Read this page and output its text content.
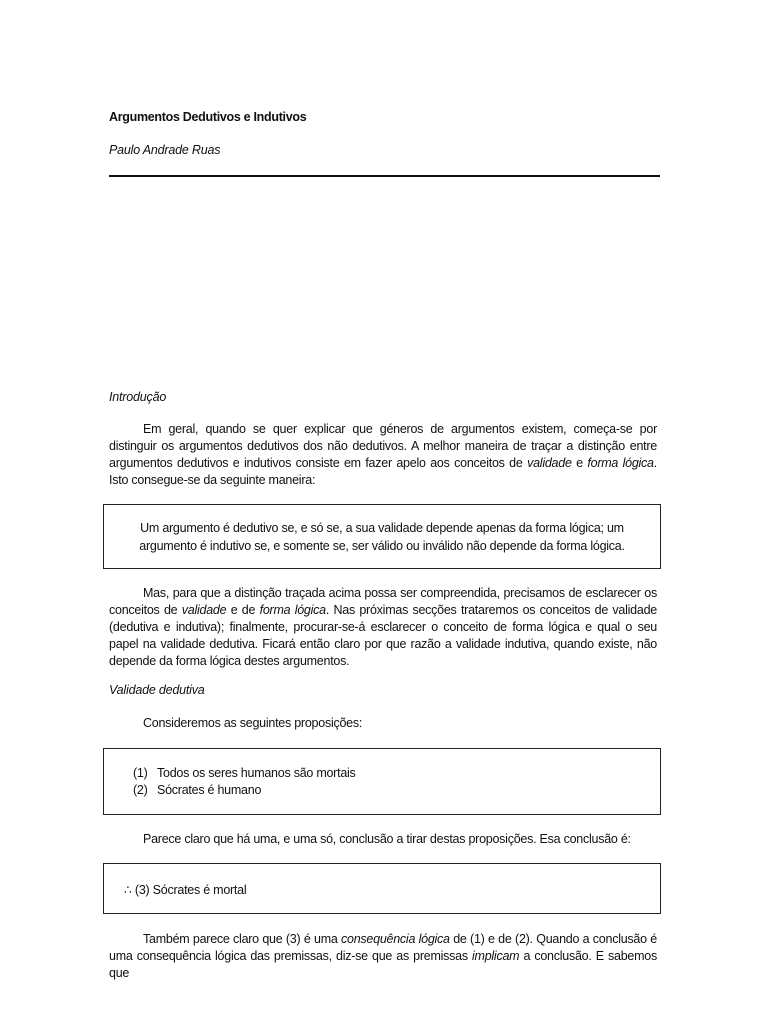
Argumentos Dedutivos e Indutivos
Paulo Andrade Ruas
Introdução
Em geral, quando se quer explicar que géneros de argumentos existem, começa-se por distinguir os argumentos dedutivos dos não dedutivos. A melhor maneira de traçar a distinção entre argumentos dedutivos e indutivos consiste em fazer apelo aos conceitos de validade e forma lógica. Isto consegue-se da seguinte maneira:
Um argumento é dedutivo se, e só se, a sua validade depende apenas da forma lógica; um argumento é indutivo se, e somente se, ser válido ou inválido não depende da forma lógica.
Mas, para que a distinção traçada acima possa ser compreendida, precisamos de esclarecer os conceitos de validade e de forma lógica. Nas próximas secções trataremos os conceitos de validade (dedutiva e indutiva); finalmente, procurar-se-á esclarecer o conceito de forma lógica e qual o seu papel na validade dedutiva. Ficará então claro por que razão a validade indutiva, quando existe, não depende da forma lógica destes argumentos.
Validade dedutiva
Consideremos as seguintes proposições:
(1) Todos os seres humanos são mortais
(2) Sócrates é humano
Parece claro que há uma, e uma só, conclusão a tirar destas proposições. Esa conclusão é:
∴ (3) Sócrates é mortal
Também parece claro que (3) é uma consequência lógica de (1) e de (2). Quando a conclusão é uma consequência lógica das premissas, diz-se que as premissas implicam a conclusão. E sabemos que
